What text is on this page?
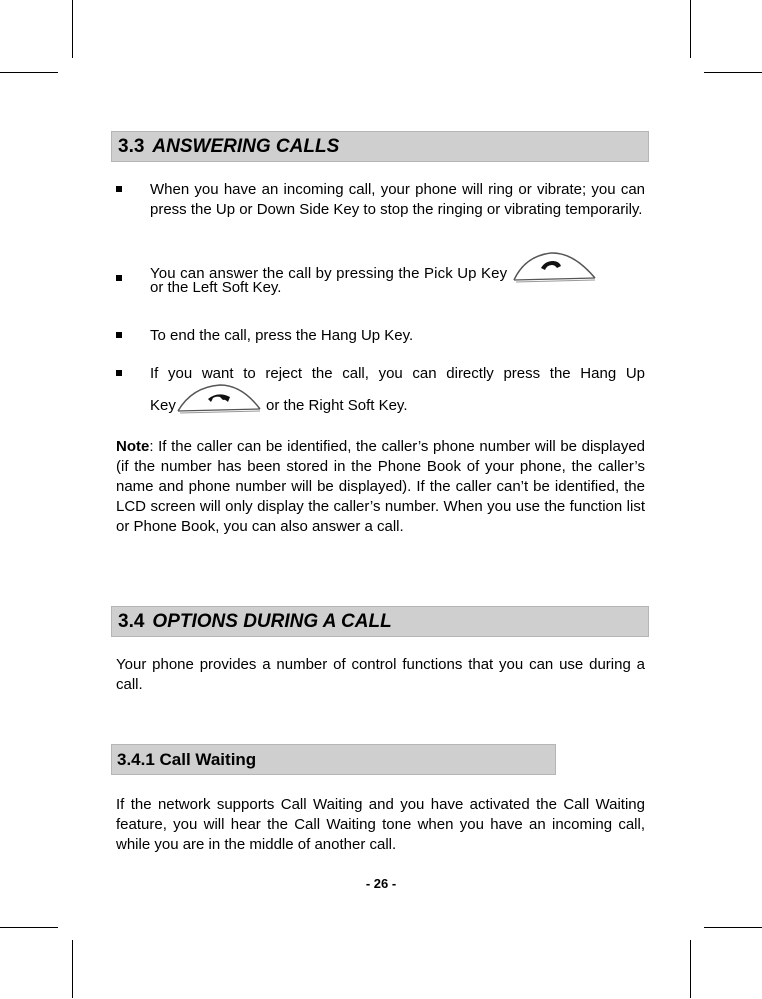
3.3 ANSWERING CALLS
When you have an incoming call, your phone will ring or vibrate; you can press the Up or Down Side Key to stop the ringing or vibrating temporarily.
You can answer the call by pressing the Pick Up Key
or the Left Soft Key.
To end the call, press the Hang Up Key.
If you want to reject the call, you can directly press the Hang Up
Key	or the Right Soft Key.
Note: If the caller can be identified, the caller’s phone number will be displayed (if the number has been stored in the Phone Book of your phone, the caller’s name and phone number will be displayed). If the caller can’t be identified, the LCD screen will only display the caller’s number. When you use the function list or Phone Book, you can also answer a call.
3.4 OPTIONS DURING A CALL
Your phone provides a number of control functions that you can use during a call.
3.4.1 Call Waiting
If the network supports Call Waiting and you have activated the Call Waiting feature, you will hear the Call Waiting tone when you have an incoming call, while you are in the middle of another call.
- 26 -
